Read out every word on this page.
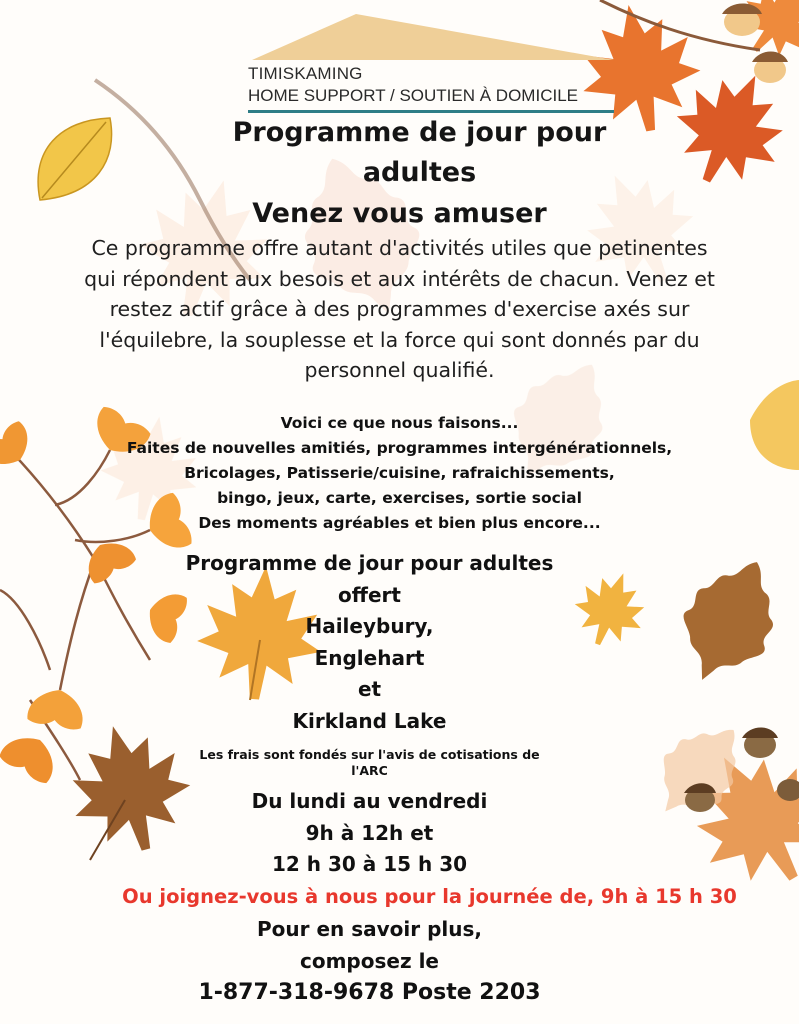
TIMISKAMING
HOME SUPPORT / SOUTIEN À DOMICILE
Programme de jour pour
adultes
Venez vous amuser
Ce programme offre autant d'activités utiles que petinentes
qui répondent aux besois et aux intérêts de chacun. Venez et
restez actif grâce à des programmes d'exercise axés sur
l'équilebre, la souplesse et la force qui sont donnés par du
personnel qualifié.
Voici ce que nous faisons...
Faites de nouvelles amitiés, programmes intergénérationnels,
Bricolages, Patisserie/cuisine, rafraichissements,
bingo, jeux, carte, exercises, sortie social
Des moments agréables et bien plus encore...
Programme de jour pour adultes
offert
Haileybury,
Englehart
et
Kirkland Lake
Les frais sont fondés sur l'avis de cotisations de
l'ARC
Du lundi au vendredi
9h à 12h et
12 h 30 à 15 h 30
Ou joignez-vous à nous pour la journée de, 9h à 15 h 30
Pour en savoir plus,
composez le
1-877-318-9678 Poste 2203
